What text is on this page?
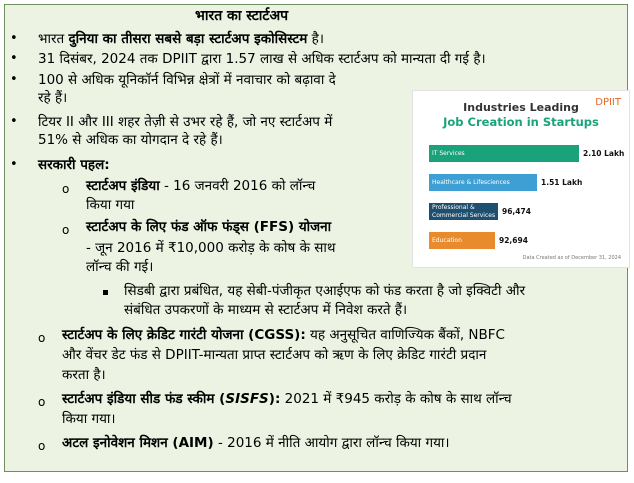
भारत का स्टार्टअप
• भारत दुनिया का तीसरा सबसे बड़ा स्टार्टअप इकोसिस्टम है।
• 31 दिसंबर, 2024 तक DPIIT द्वारा 1.57 लाख से अधिक स्टार्टअप को मान्यता दी गई है।
• 100 से अधिक यूनिकॉर्न विभिन्न क्षेत्रों में नवाचार को बढ़ावा दे
रहे हैं।
• टियर II और III शहर तेज़ी से उभर रहे हैं, जो नए स्टार्टअप में
51% से अधिक का योगदान दे रहे हैं।
• सरकारी पहल:
o स्टार्टअप इंडिया - 16 जनवरी 2016 को लॉन्च
किया गया
o स्टार्टअप के लिए फंड ऑफ फंड्स (FFS) योजना
- जून 2016 में ₹10,000 करोड़ के कोष के साथ
लॉन्च की गई।
सिडबी द्वारा प्रबंधित, यह सेबी-पंजीकृत एआईएफ को फंड करता है जो इक्विटी और
संबंधित उपकरणों के माध्यम से स्टार्टअप में निवेश करते हैं।
o स्टार्टअप के लिए क्रेडिट गारंटी योजना (CGSS): यह अनुसूचित वाणिज्यिक बैंकों, NBFC
और वेंचर डेट फंड से DPIIT-मान्यता प्राप्त स्टार्टअप को ऋण के लिए क्रेडिट गारंटी प्रदान
करता है।
o स्टार्टअप इंडिया सीड फंड स्कीम (SISFS): 2021 में ₹945 करोड़ के कोष के साथ लॉन्च
किया गया।
o अटल इनोवेशन मिशन (AIM) - 2016 में नीति आयोग द्वारा लॉन्च किया गया।
DPIIT
Industries Leading
Job Creation in Startups
IT Services	2.10 Lakh
Healthcare & Lifesciences	1.51 Lakh
Professional & Commercial Services 96,474
Education	92,694
Data Created as of December 31, 2024
